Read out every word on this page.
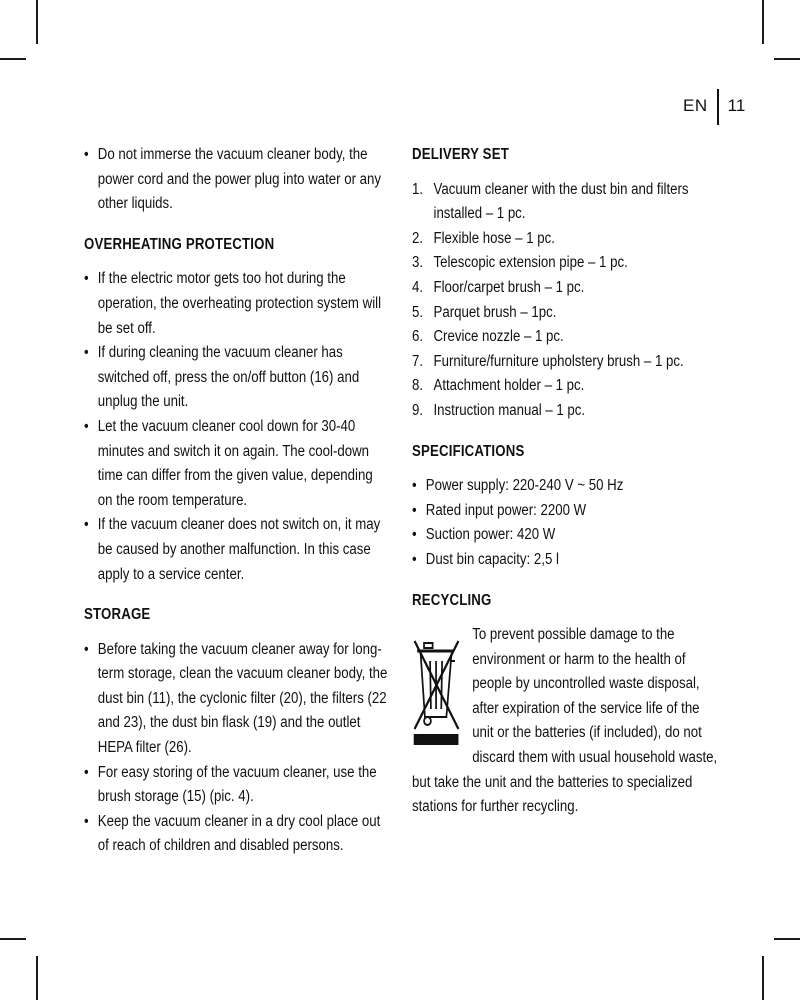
EN 11
• Do not immerse the vacuum cleaner body, the power cord and the power plug into water or any other liquids.
OVERHEATING PROTECTION
• If the electric motor gets too hot during the operation, the overheating protection system will be set off.
• If during cleaning the vacuum cleaner has switched off, press the on/off button (16) and unplug the unit.
• Let the vacuum cleaner cool down for 30-40 minutes and switch it on again. The cool-down time can differ from the given value, depending on the room temperature.
• If the vacuum cleaner does not switch on, it may be caused by another malfunction. In this case apply to a service center.
STORAGE
• Before taking the vacuum cleaner away for long-term storage, clean the vacuum cleaner body, the dust bin (11), the cyclonic filter (20), the filters (22 and 23), the dust bin flask (19) and the outlet HEPA filter (26).
• For easy storing of the vacuum cleaner, use the brush storage (15) (pic. 4).
• Keep the vacuum cleaner in a dry cool place out of reach of children and disabled persons.
DELIVERY SET
1. Vacuum cleaner with the dust bin and filters installed – 1 pc.
2. Flexible hose – 1 pc.
3. Telescopic extension pipe – 1 pc.
4. Floor/carpet brush – 1 pc.
5. Parquet brush – 1pc.
6. Crevice nozzle – 1 pc.
7. Furniture/furniture upholstery brush – 1 pc.
8. Attachment holder – 1 pc.
9. Instruction manual – 1 pc.
SPECIFICATIONS
• Power supply: 220-240 V ~ 50 Hz
• Rated input power: 2200 W
• Suction power: 420 W
• Dust bin capacity: 2,5 l
RECYCLING
To prevent possible damage to the environment or harm to the health of people by uncontrolled waste disposal, after expiration of the service life of the unit or the batteries (if included), do not discard them with usual household waste, but take the unit and the batteries to specialized stations for further recycling.
